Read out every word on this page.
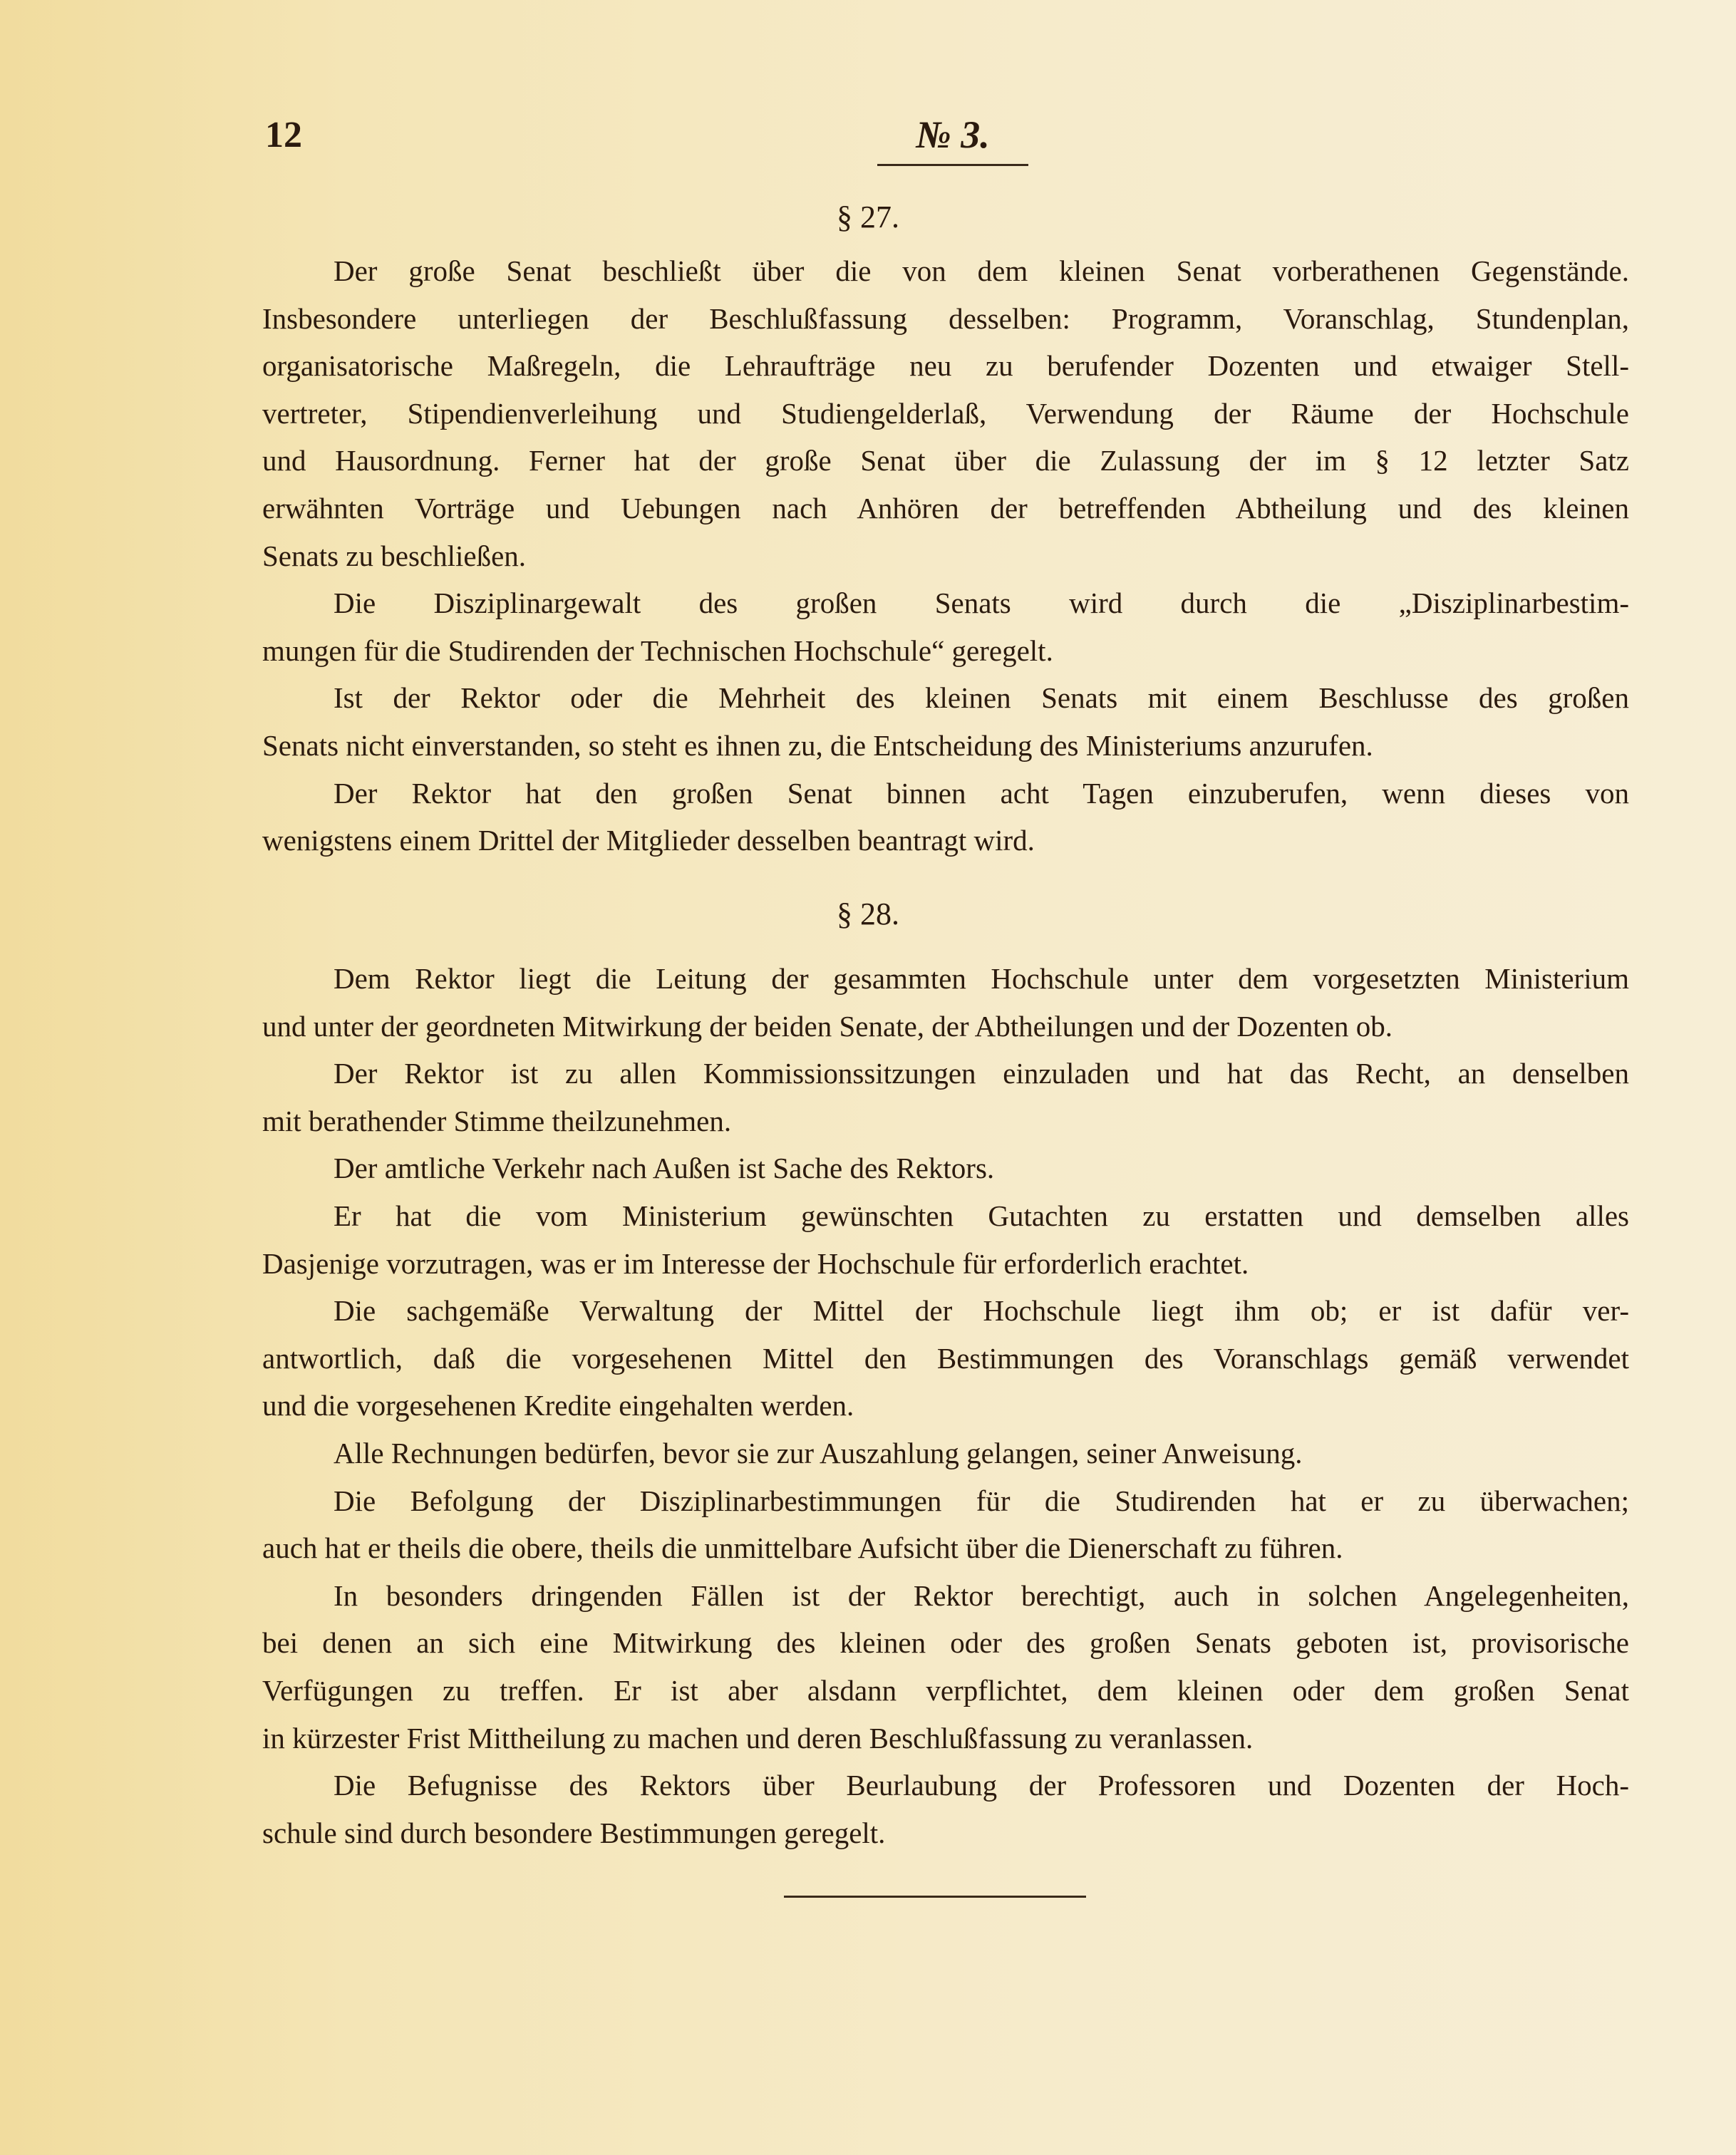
12	№ 3.
§ 27.
Der große Senat beschließt über die von dem kleinen Senat vorberathenen Gegenstände.
Insbesondere unterliegen der Beschlußfassung desselben: Programm, Voranschlag, Stundenplan,
organisatorische Maßregeln, die Lehraufträge neu zu berufender Dozenten und etwaiger Stell-
vertreter, Stipendienverleihung und Studiengelderlaß, Verwendung der Räume der Hochschule
und Hausordnung. Ferner hat der große Senat über die Zulassung der im § 12 letzter Satz
erwähnten Vorträge und Uebungen nach Anhören der betreffenden Abtheilung und des kleinen
Senats zu beschließen.
Die Disziplinargewalt des großen Senats wird durch die „Disziplinarbestim-
mungen für die Studirenden der Technischen Hochschule“ geregelt.
Ist der Rektor oder die Mehrheit des kleinen Senats mit einem Beschlusse des großen
Senats nicht einverstanden, so steht es ihnen zu, die Entscheidung des Ministeriums anzurufen.
Der Rektor hat den großen Senat binnen acht Tagen einzuberufen, wenn dieses von
wenigstens einem Drittel der Mitglieder desselben beantragt wird.
§ 28.
Dem Rektor liegt die Leitung der gesammten Hochschule unter dem vorgesetzten Ministerium
und unter der geordneten Mitwirkung der beiden Senate, der Abtheilungen und der Dozenten ob.
Der Rektor ist zu allen Kommissionssitzungen einzuladen und hat das Recht, an denselben
mit berathender Stimme theilzunehmen.
Der amtliche Verkehr nach Außen ist Sache des Rektors.
Er hat die vom Ministerium gewünschten Gutachten zu erstatten und demselben alles
Dasjenige vorzutragen, was er im Interesse der Hochschule für erforderlich erachtet.
Die sachgemäße Verwaltung der Mittel der Hochschule liegt ihm ob; er ist dafür ver-
antwortlich, daß die vorgesehenen Mittel den Bestimmungen des Voranschlags gemäß verwendet
und die vorgesehenen Kredite eingehalten werden.
Alle Rechnungen bedürfen, bevor sie zur Auszahlung gelangen, seiner Anweisung.
Die Befolgung der Disziplinarbestimmungen für die Studirenden hat er zu überwachen;
auch hat er theils die obere, theils die unmittelbare Aufsicht über die Dienerschaft zu führen.
In besonders dringenden Fällen ist der Rektor berechtigt, auch in solchen Angelegenheiten,
bei denen an sich eine Mitwirkung des kleinen oder des großen Senats geboten ist, provisorische
Verfügungen zu treffen. Er ist aber alsdann verpflichtet, dem kleinen oder dem großen Senat
in kürzester Frist Mittheilung zu machen und deren Beschlußfassung zu veranlassen.
Die Befugnisse des Rektors über Beurlaubung der Professoren und Dozenten der Hoch-
schule sind durch besondere Bestimmungen geregelt.
